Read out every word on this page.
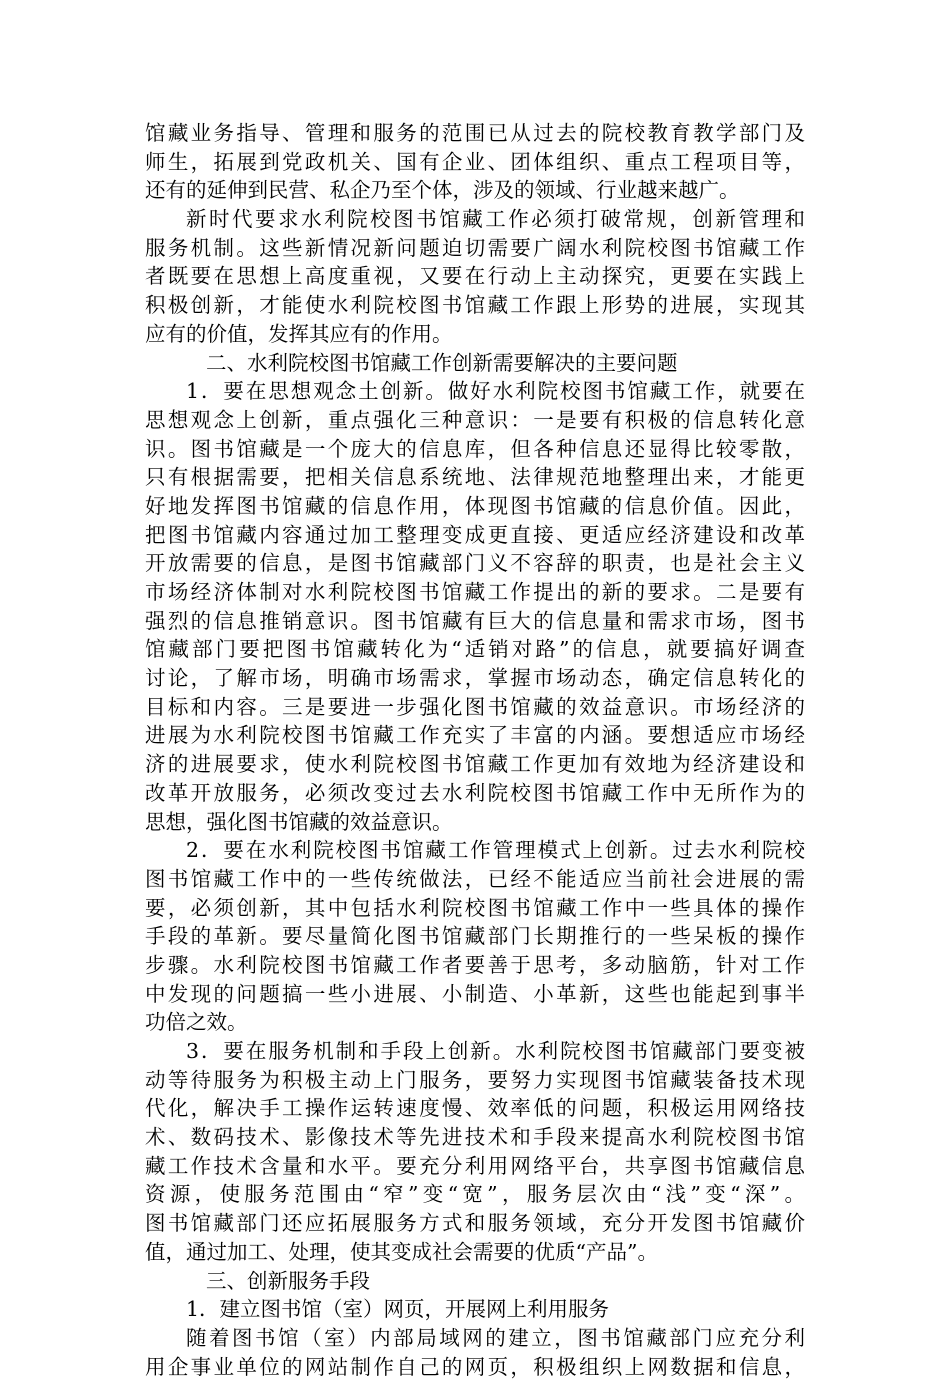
馆藏业务指导、管理和服务的范围已从过去的院校教育教学部门及
师生，拓展到党政机关、国有企业、团体组织、重点工程项目等，
还有的延伸到民营、私企乃至个体，涉及的领域、行业越来越广。
新时代要求水利院校图书馆藏工作必须打破常规，创新管理和
服务机制。这些新情况新问题迫切需要广阔水利院校图书馆藏工作
者既要在思想上高度重视，又要在行动上主动探究，更要在实践上
积极创新，才能使水利院校图书馆藏工作跟上形势的进展，实现其
应有的价值，发挥其应有的作用。
二、水利院校图书馆藏工作创新需要解决的主要问题
1．要在思想观念土创新。做好水利院校图书馆藏工作，就要在
思想观念上创新，重点强化三种意识：一是要有积极的信息转化意
识。图书馆藏是一个庞大的信息库，但各种信息还显得比较零散，
只有根据需要，把相关信息系统地、法律规范地整理出来，才能更
好地发挥图书馆藏的信息作用，体现图书馆藏的信息价值。因此，
把图书馆藏内容通过加工整理变成更直接、更适应经济建设和改革
开放需要的信息，是图书馆藏部门义不容辞的职责，也是社会主义
市场经济体制对水利院校图书馆藏工作提出的新的要求。二是要有
强烈的信息推销意识。图书馆藏有巨大的信息量和需求市场，图书
馆藏部门要把图书馆藏转化为“适销对路”的信息，就要搞好调查
讨论，了解市场，明确市场需求，掌握市场动态，确定信息转化的
目标和内容。三是要进一步强化图书馆藏的效益意识。市场经济的
进展为水利院校图书馆藏工作充实了丰富的内涵。要想适应市场经
济的进展要求，使水利院校图书馆藏工作更加有效地为经济建设和
改革开放服务，必须改变过去水利院校图书馆藏工作中无所作为的
思想，强化图书馆藏的效益意识。
2．要在水利院校图书馆藏工作管理模式上创新。过去水利院校
图书馆藏工作中的一些传统做法，已经不能适应当前社会进展的需
要，必须创新，其中包括水利院校图书馆藏工作中一些具体的操作
手段的革新。要尽量简化图书馆藏部门长期推行的一些呆板的操作
步骤。水利院校图书馆藏工作者要善于思考，多动脑筋，针对工作
中发现的问题搞一些小进展、小制造、小革新，这些也能起到事半
功倍之效。
3．要在服务机制和手段上创新。水利院校图书馆藏部门要变被
动等待服务为积极主动上门服务，要努力实现图书馆藏装备技术现
代化，解决手工操作运转速度慢、效率低的问题，积极运用网络技
术、数码技术、影像技术等先进技术和手段来提高水利院校图书馆
藏工作技术含量和水平。要充分利用网络平台，共享图书馆藏信息
资源，使服务范围由“窄”变“宽”，服务层次由“浅”变“深”。
图书馆藏部门还应拓展服务方式和服务领域，充分开发图书馆藏价
值，通过加工、处理，使其变成社会需要的优质“产品”。
三、创新服务手段
1．建立图书馆（室）网页，开展网上利用服务
随着图书馆（室）内部局域网的建立，图书馆藏部门应充分利
用企事业单位的网站制作自己的网页，积极组织上网数据和信息，
